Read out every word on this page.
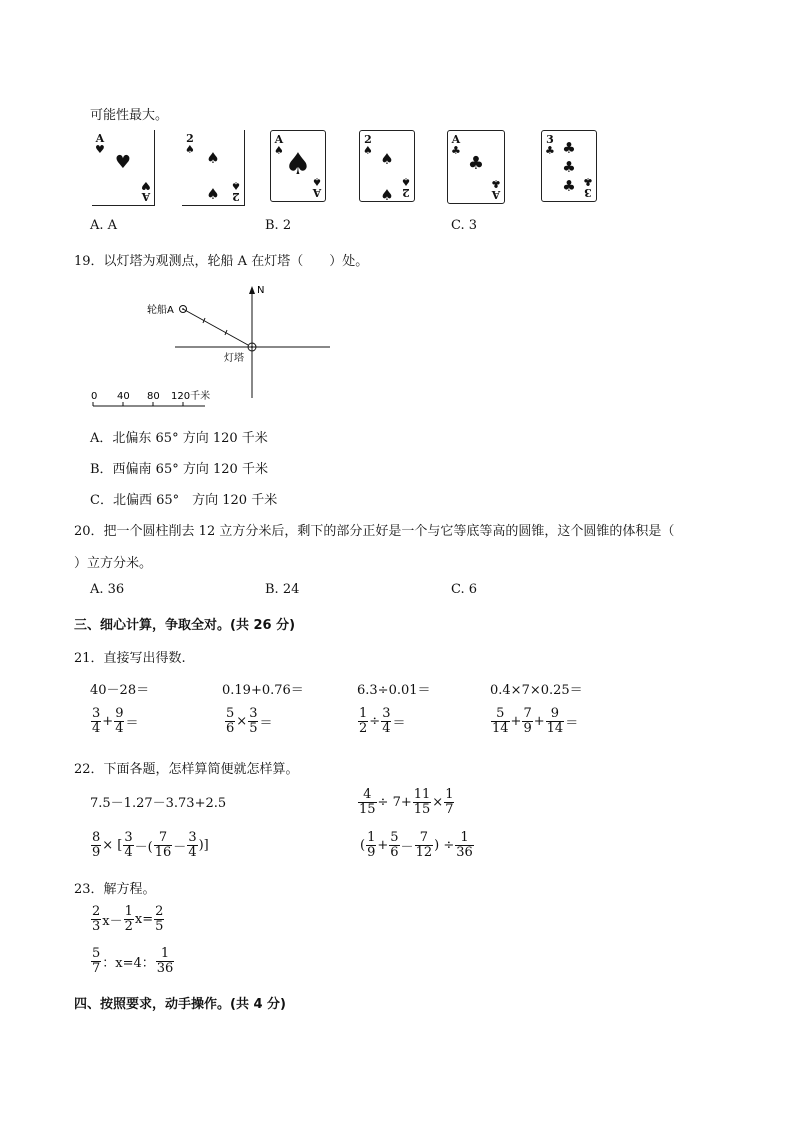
可能性最大。
A
♥
A
♥
♥
2
♠
2
♠
♠
♠
A
♠
A
♠
♠
2
♠
2
♠
♠
♠
A
♣
A
♣
♣
3
♣
3
♣
♣
♣
♣
A. A	B. 2	C. 3
19．以灯塔为观测点，轮船 A 在灯塔（　　）处。
N
轮船A
灯塔
0 40 80 120千米
A．北偏东 65° 方向 120 千米
B．西偏南 65° 方向 120 千米
C．北偏西 65°　方向 120 千米
20．把一个圆柱削去 12 立方分米后，剩下的部分正好是一个与它等底等高的圆锥，这个圆锥的体积是（
）立方分米。
A. 36	B. 24	C. 6
三、细心计算，争取全对。(共 26 分)
21．直接写出得数.
40－28＝	0.19+0.76＝	6.3÷0.01＝	0.4×7×0.25＝
$\frac{3}{4} + \frac{9}{4}$ ＝	$\frac{5}{6} \times \frac{3}{5}$ ＝	$\frac{1}{2} \div \frac{3}{4}$ ＝	$\frac{5}{14} + \frac{7}{9} + \frac{9}{14}$ ＝
22．下面各题，怎样算简便就怎样算。
7.5－1.27－3.73+2.5	$\frac{4}{15} \div 7+ \frac{11}{15} \times \frac{1}{7}$
$\frac{8}{9}$ × [ $\frac{3}{4}$ －( $\frac{7}{16} - \frac{3}{4}$ )]	( $\frac{1}{9} + \frac{5}{6} - \frac{7}{12}$ ) ÷ $\frac{1}{36}$
23．解方程。
$\frac{2}{3} x- \frac{1}{2} x= \frac{2}{5}$
$\frac{5}{7}$ ：x=4： $\frac{1}{36}$
四、按照要求，动手操作。(共 4 分)
